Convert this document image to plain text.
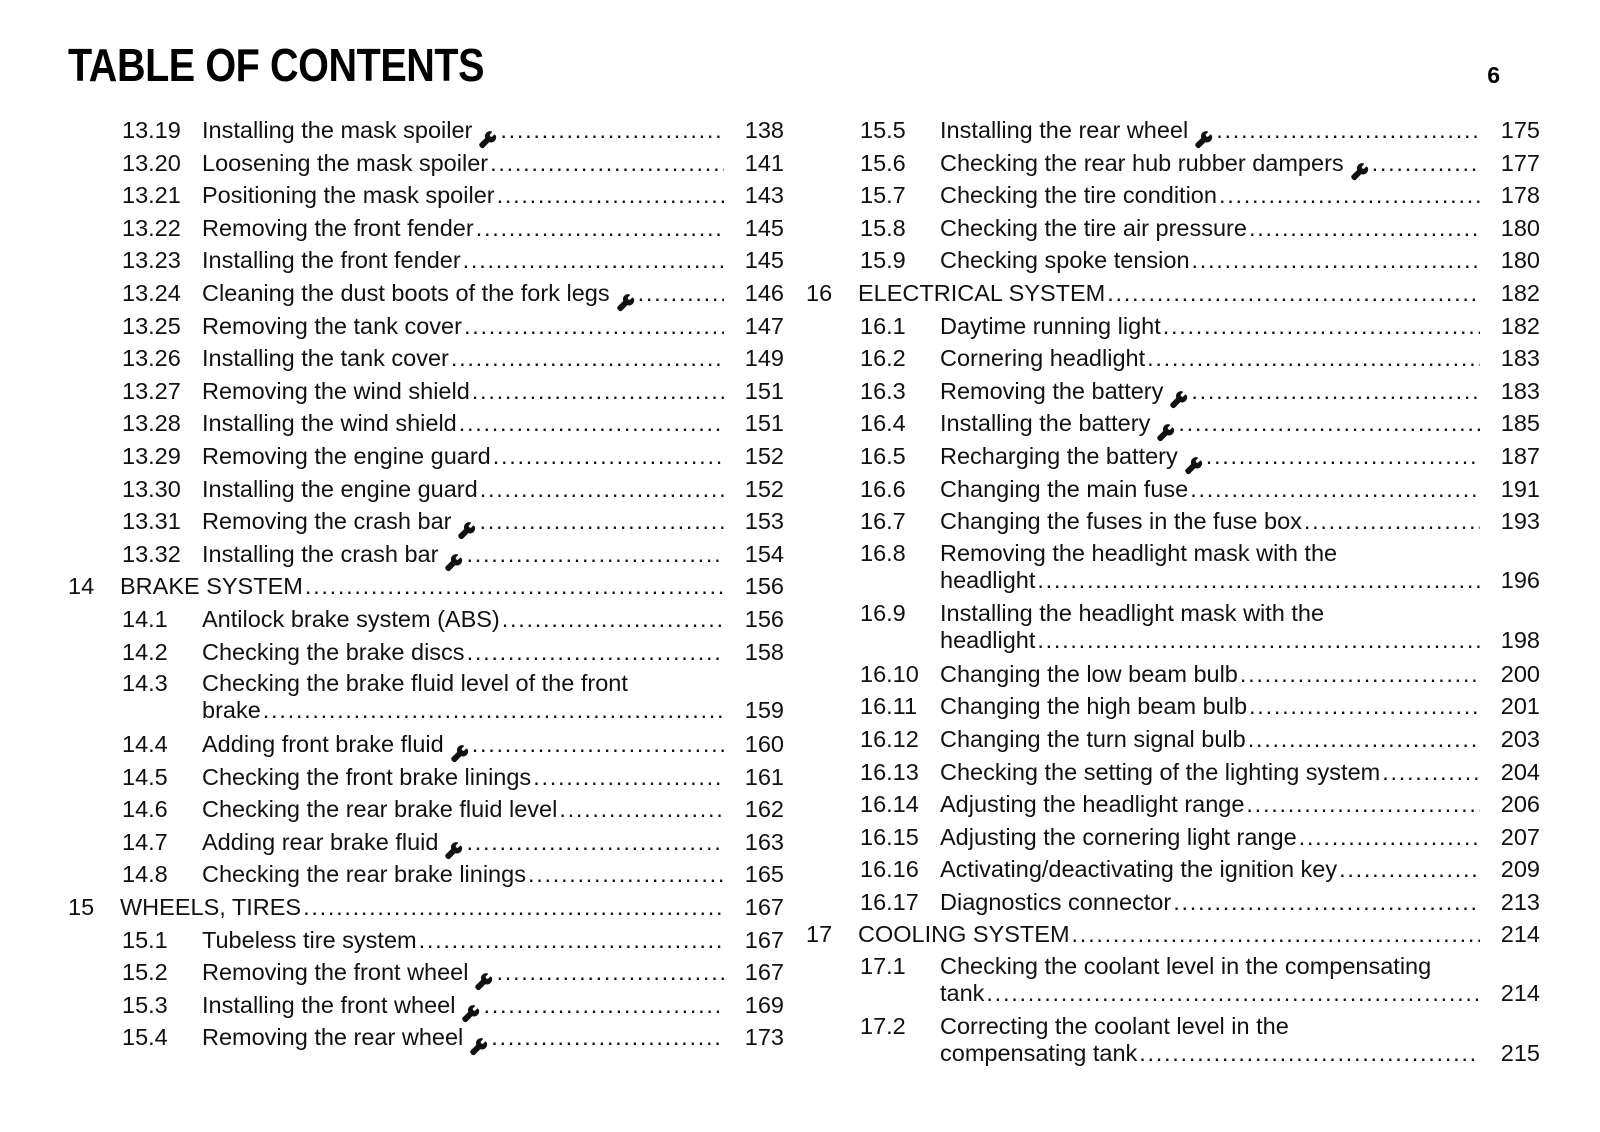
TABLE OF CONTENTS	6
13.19 Installing the mask spoiler . . .	138
13.20 Loosening the mask spoiler . . .	141
13.21 Positioning the mask spoiler . . .	143
13.22 Removing the front fender . . .	145
13.23 Installing the front fender . . .	145
13.24 Cleaning the dust boots of the fork legs . . .	146
13.25 Removing the tank cover . . .	147
13.26 Installing the tank cover . . .	149
13.27 Removing the wind shield . . .	151
13.28 Installing the wind shield . . .	151
13.29 Removing the engine guard . . .	152
13.30 Installing the engine guard . . .	152
13.31 Removing the crash bar . . .	153
13.32 Installing the crash bar . . .	154
14	BRAKE SYSTEM . . .	156
14.1	Antilock brake system (ABS) . . .	156
14.2	Checking the brake discs . . .	158
14.3	Checking the brake fluid level of the front
brake . . .	159
14.4	Adding front brake fluid . . .	160
14.5	Checking the front brake linings . . .	161
14.6	Checking the rear brake fluid level . . .	162
14.7	Adding rear brake fluid . . .	163
14.8	Checking the rear brake linings . . .	165
15	WHEELS, TIRES . . .	167
15.1	Tubeless tire system . . .	167
15.2	Removing the front wheel . . .	167
15.3	Installing the front wheel . . .	169
15.4	Removing the rear wheel . . .	173
15.5	Installing the rear wheel . . .	175
15.6	Checking the rear hub rubber dampers . . .	177
15.7	Checking the tire condition . . .	178
15.8	Checking the tire air pressure . . .	180
15.9	Checking spoke tension . . .	180
16	ELECTRICAL SYSTEM . . .	182
16.1	Daytime running light . . .	182
16.2	Cornering headlight . . .	183
16.3	Removing the battery . . .	183
16.4	Installing the battery . . .	185
16.5	Recharging the battery . . .	187
16.6	Changing the main fuse . . .	191
16.7	Changing the fuses in the fuse box . . .	193
16.8	Removing the headlight mask with the
headlight . . .	196
16.9	Installing the headlight mask with the
headlight . . .	198
16.10 Changing the low beam bulb . . .	200
16.11 Changing the high beam bulb . . .	201
16.12 Changing the turn signal bulb . . .	203
16.13 Checking the setting of the lighting system . . .	204
16.14 Adjusting the headlight range . . .	206
16.15 Adjusting the cornering light range . . .	207
16.16 Activating/deactivating the ignition key . . .	209
16.17 Diagnostics connector . . .	213
17	COOLING SYSTEM . . .	214
17.1	Checking the coolant level in the compensating
tank . . .	214
17.2	Correcting the coolant level in the
compensating tank . . .	215
